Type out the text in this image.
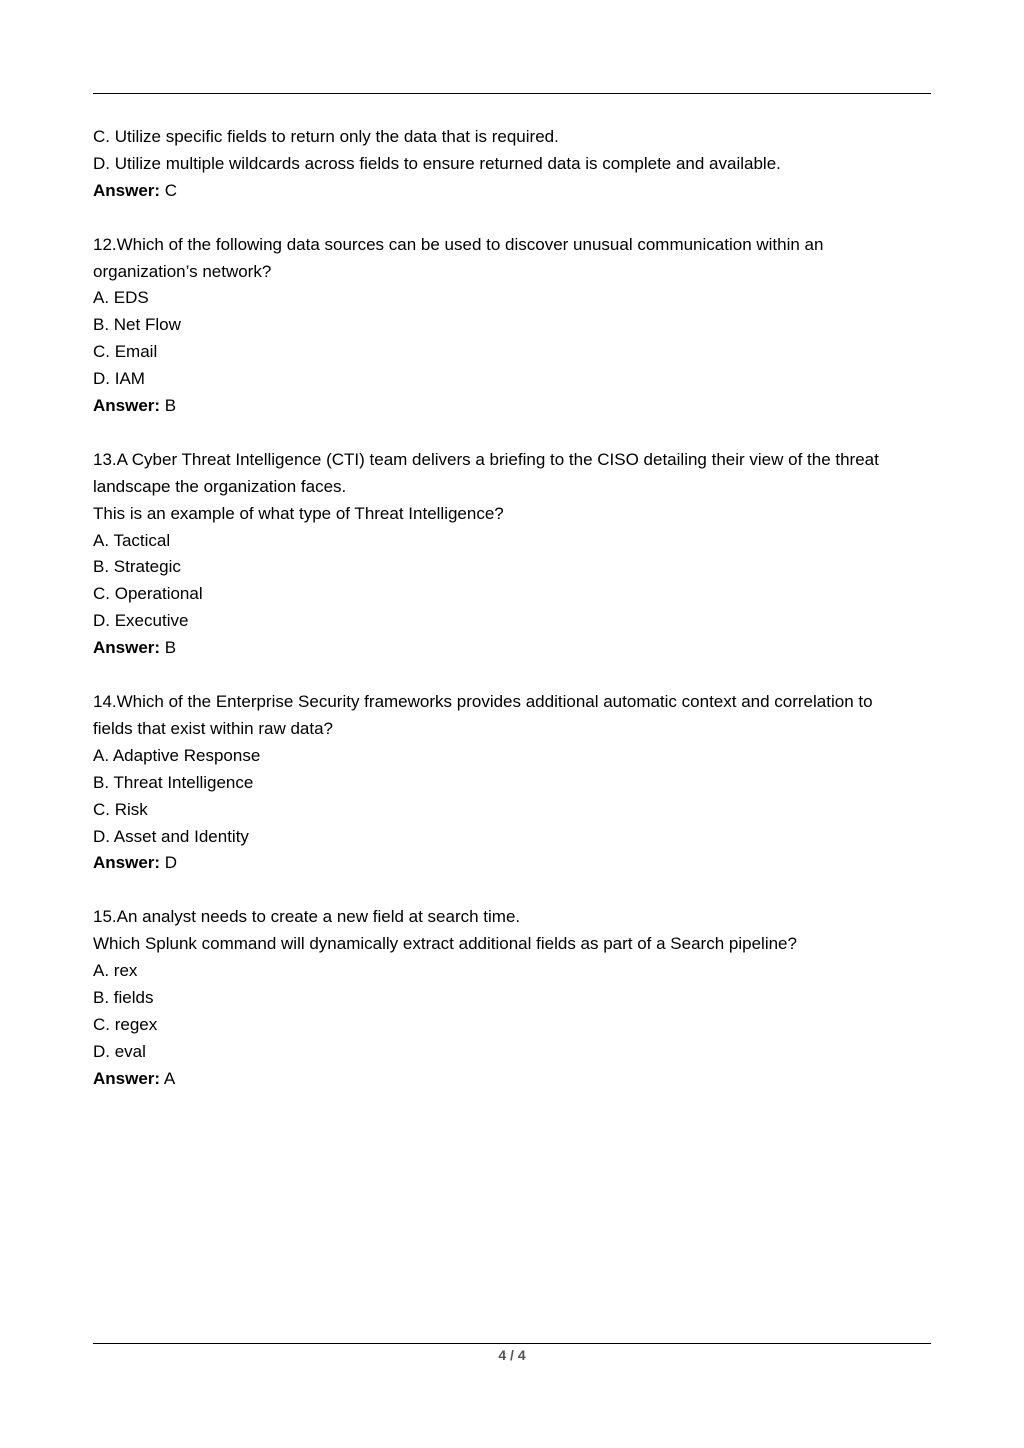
C. Utilize specific fields to return only the data that is required.

D. Utilize multiple wildcards across fields to ensure returned data is complete and available.

Answer: C

12.Which of the following data sources can be used to discover unusual communication within an

organization’s network?

A. EDS

B. Net Flow

C. Email

D. IAM

Answer: B

13.A Cyber Threat Intelligence (CTI) team delivers a briefing to the CISO detailing their view of the threat

landscape the organization faces.

This is an example of what type of Threat Intelligence?

A. Tactical

B. Strategic

C. Operational

D. Executive

Answer: B

14.Which of the Enterprise Security frameworks provides additional automatic context and correlation to

fields that exist within raw data?

A. Adaptive Response

B. Threat Intelligence

C. Risk

D. Asset and Identity

Answer: D

15.An analyst needs to create a new field at search time.

Which Splunk command will dynamically extract additional fields as part of a Search pipeline?

A. rex

B. fields

C. regex

D. eval

Answer: A

4 / 4
